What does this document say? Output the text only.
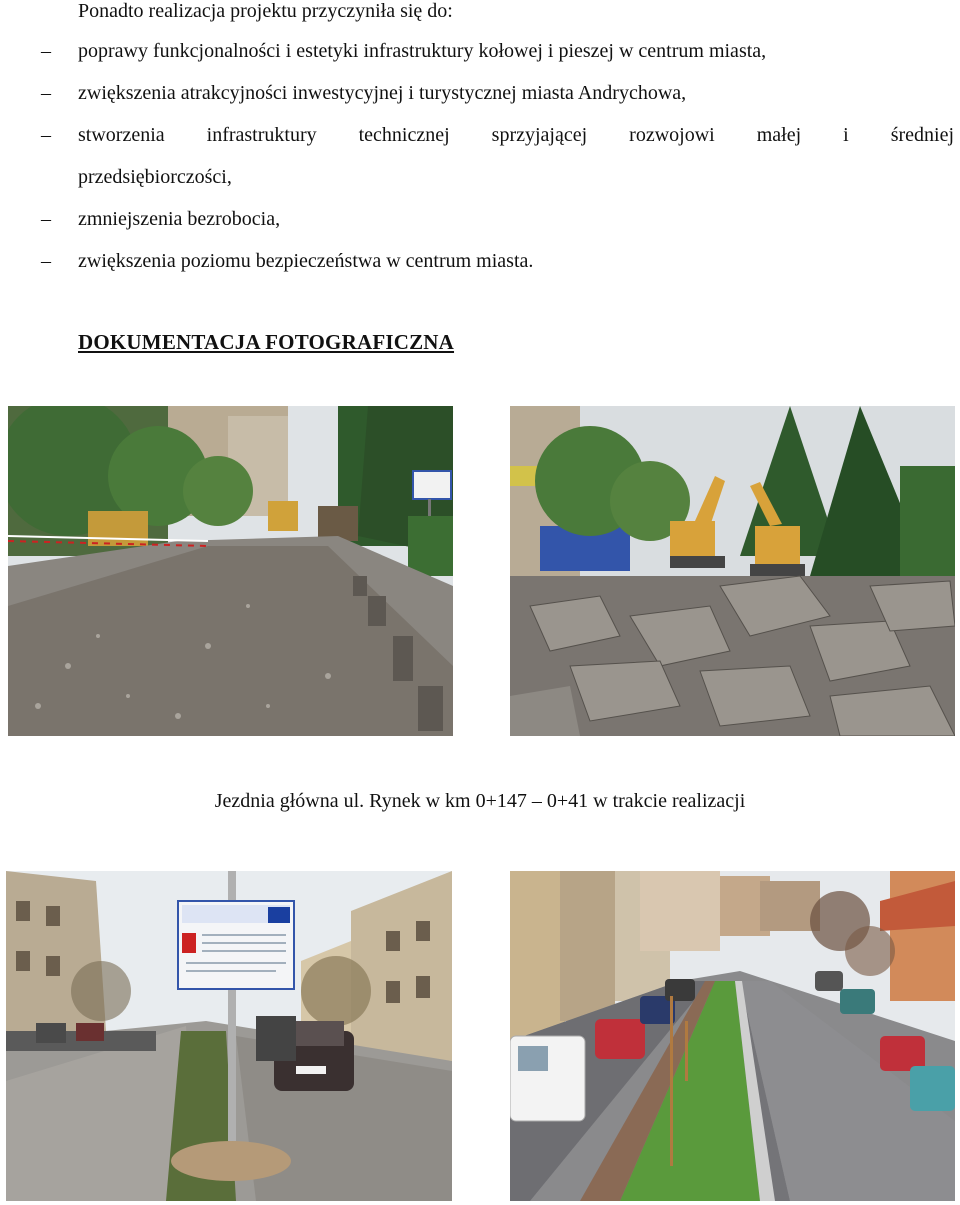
Ponadto realizacja projektu przyczyniła się do:
– poprawy funkcjonalności i estetyki infrastruktury kołowej i pieszej w centrum miasta,
– zwiększenia atrakcyjności inwestycyjnej i turystycznej miasta Andrychowa,
– stworzenia infrastruktury technicznej sprzyjającej rozwojowi małej i średniej
przedsiębiorczości,
– zmniejszenia bezrobocia,
– zwiększenia poziomu bezpieczeństwa w centrum miasta.
DOKUMENTACJA FOTOGRAFICZNA
Jezdnia główna ul. Rynek w km 0+147 – 0+41 w trakcie realizacji
